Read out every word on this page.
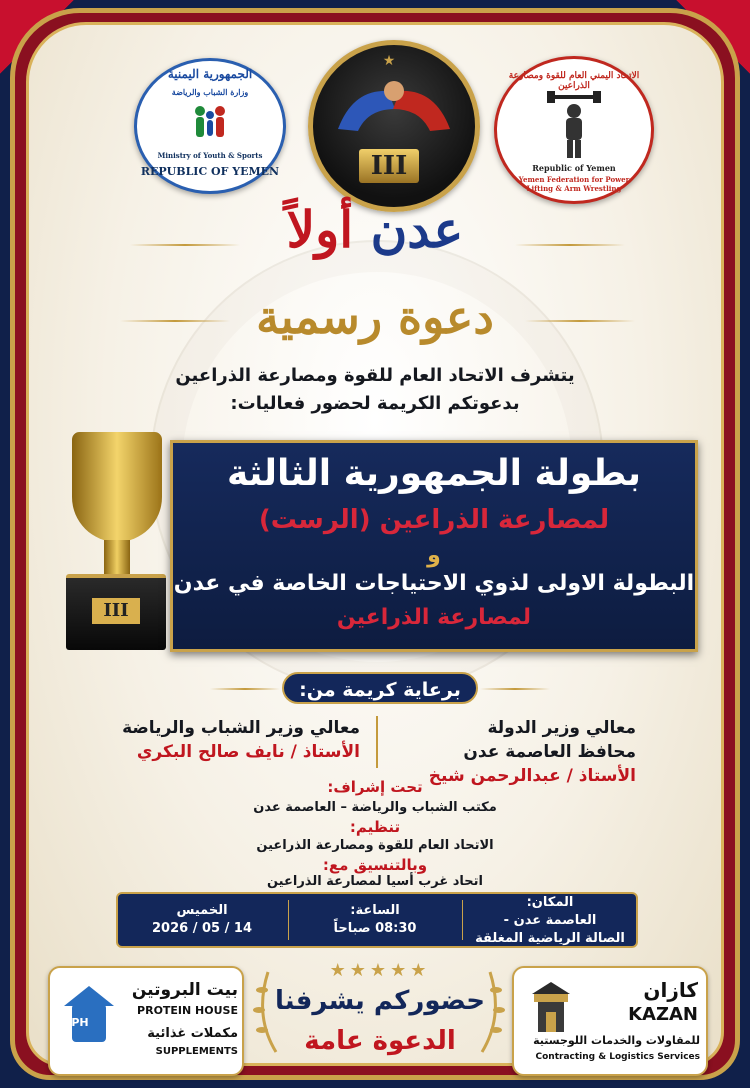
الجمهورية اليمنية
وزارة الشباب والرياضة
Ministry of Youth & Sports
REPUBLIC OF YEMEN
★
III
الاتحاد اليمني العام للقوة ومصارعة الذراعين
Republic of Yemen
Yemen Federation for Power Lifting & Arm Wrestling
عدن أولاً
دعوة رسمية
يتشرف الاتحاد العام للقوة ومصارعة الذراعين
بدعوتكم الكريمة لحضور فعاليات:
III
بطولة الجمهورية الثالثة
لمصارعة الذراعين (الرست)
و
البطولة الاولى لذوي الاحتياجات الخاصة في عدن
لمصارعة الذراعين
برعاية كريمة من:
معالي وزير الدولة
محافظ العاصمة عدن
الأستاذ / عبدالرحمن شيخ
معالي وزير الشباب والرياضة
الأستاذ / نايف صالح البكري
تحت إشراف:
مكتب الشباب والرياضة – العاصمة عدن
تنظيم:
الاتحاد العام للقوة ومصارعة الذراعين
وبالتنسيق مع:
اتحاد غرب أسيا لمصارعة الذراعين
المكان:
العاصمة عدن -
الصالة الرياضية المغلقة
الساعة:
08:30 صباحاً
الخميس
14 / 05 / 2026
PH
بيت البروتين
PROTEIN HOUSE
مكملات غذائية
SUPPLEMENTS
★★★★★
حضوركم يشرفنا
الدعوة عامة
كازان
KAZAN
للمقاولات والخدمات اللوجستية
Contracting & Logistics Services
